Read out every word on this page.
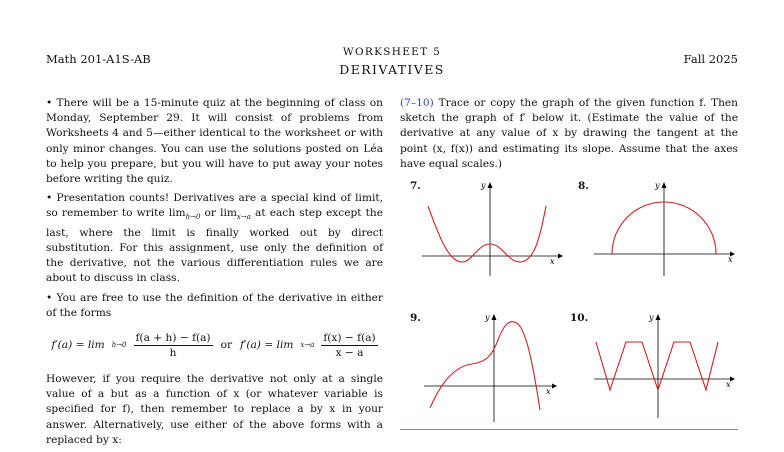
Math 201-A1S-AB	WORKSHEET 5
DERIVATIVES
Fall 2025

• There will be a 15-minute quiz at the beginning of class on Monday, September 29. It will consist of problems from Worksheets 4 and 5—either identical to the worksheet or with only minor changes. You can use the solutions posted on Léa to help you prepare, but you will have to put away your notes before writing the quiz.

• Presentation counts! Derivatives are a special kind of limit, so remember to write $\lim_{h\to 0}$ or $\lim_{x\to a}$ at each step except the last, where the limit is finally worked out by direct substitution. For this assignment, use only the definition of the derivative, not the various differentiation rules we are about to discuss in class.

• You are free to use the definition of the derivative in either of the forms

$f'(a) = \lim h\to 0 \frac{f(a + h) - f(a)}{h}$ or $f'(a) = \lim x\to a \frac{f(x) - f(a)}{x - a}$

However, if you require the derivative not only at a single value of a but as a function of x (or whatever variable is specified for f), then remember to replace a by x in your answer. Alternatively, use either of the above forms with a replaced by x:

(7–10) Trace or copy the graph of the given function f. Then sketch the graph of f′ below it. (Estimate the value of the derivative at any value of x by drawing the tangent at the point (x, f(x)) and estimating its slope. Assume that the axes have equal scales.)
7.
x
y	8.
x
y
9.
x
y	10.
x
y
